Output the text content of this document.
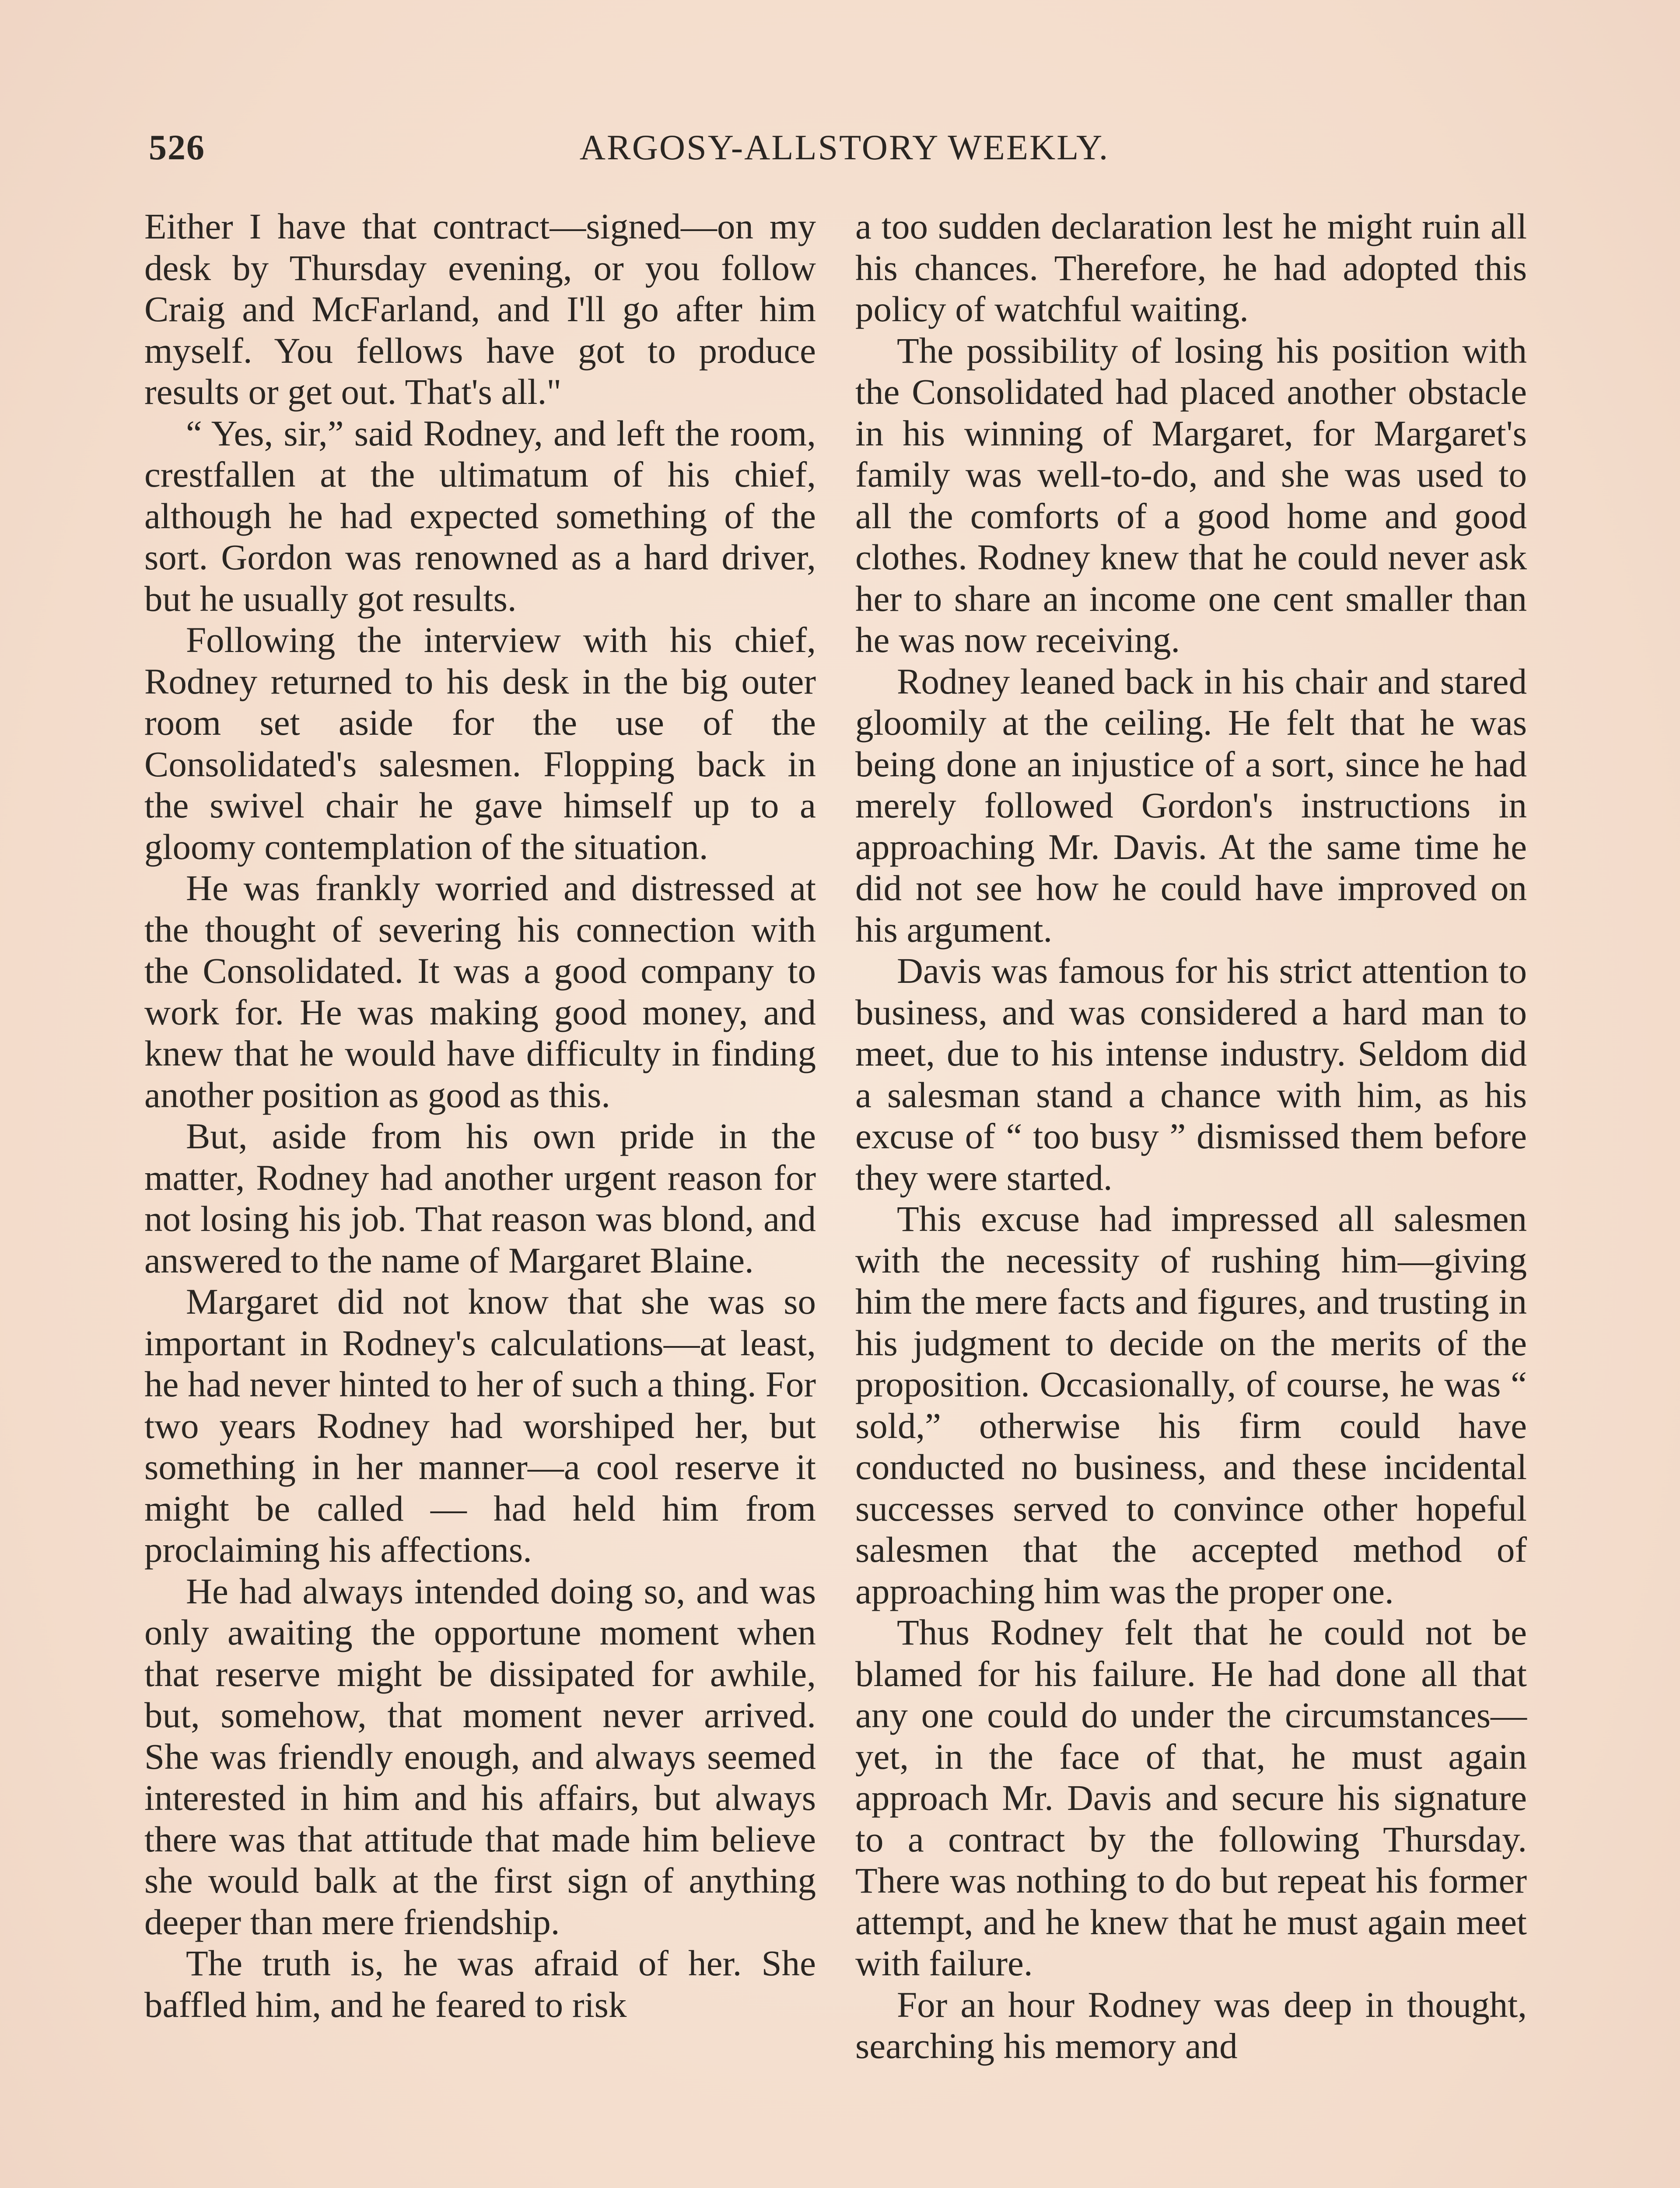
526	ARGOSY-ALLSTORY WEEKLY.

Either I have that contract—signed—on my desk by Thursday evening, or you follow Craig and McFarland, and I'll go after him myself. You fellows have got to produce results or get out. That's all."

“ Yes, sir,” said Rodney, and left the room, crestfallen at the ultimatum of his chief, although he had expected something of the sort. Gordon was renowned as a hard driver, but he usually got results.

Following the interview with his chief, Rodney returned to his desk in the big outer room set aside for the use of the Consolidated's salesmen. Flopping back in the swivel chair he gave himself up to a gloomy contemplation of the situation.

He was frankly worried and distressed at the thought of severing his connection with the Consolidated. It was a good company to work for. He was making good money, and knew that he would have difficulty in finding another position as good as this.

But, aside from his own pride in the matter, Rodney had another urgent reason for not losing his job. That reason was blond, and answered to the name of Margaret Blaine.

Margaret did not know that she was so important in Rodney's calculations—at least, he had never hinted to her of such a thing. For two years Rodney had worshiped her, but something in her manner—a cool reserve it might be called — had held him from proclaiming his affections.

He had always intended doing so, and was only awaiting the opportune moment when that reserve might be dissipated for awhile, but, somehow, that moment never arrived. She was friendly enough, and always seemed interested in him and his affairs, but always there was that attitude that made him believe she would balk at the first sign of anything deeper than mere friendship.

The truth is, he was afraid of her. She baffled him, and he feared to risk

a too sudden declaration lest he might ruin all his chances. Therefore, he had adopted this policy of watchful waiting.

The possibility of losing his position with the Consolidated had placed another obstacle in his winning of Margaret, for Margaret's family was well-to-do, and she was used to all the comforts of a good home and good clothes. Rodney knew that he could never ask her to share an income one cent smaller than he was now receiving.

Rodney leaned back in his chair and stared gloomily at the ceiling. He felt that he was being done an injustice of a sort, since he had merely followed Gordon's instructions in approaching Mr. Davis. At the same time he did not see how he could have improved on his argument.

Davis was famous for his strict attention to business, and was considered a hard man to meet, due to his intense industry. Seldom did a salesman stand a chance with him, as his excuse of “ too busy ” dismissed them before they were started.

This excuse had impressed all salesmen with the necessity of rushing him—giving him the mere facts and figures, and trusting in his judgment to decide on the merits of the proposition. Occasionally, of course, he was “ sold,” otherwise his firm could have conducted no business, and these incidental successes served to convince other hopeful salesmen that the accepted method of approaching him was the proper one.

Thus Rodney felt that he could not be blamed for his failure. He had done all that any one could do under the circumstances—yet, in the face of that, he must again approach Mr. Davis and secure his signature to a contract by the following Thursday. There was nothing to do but repeat his former attempt, and he knew that he must again meet with failure.

For an hour Rodney was deep in thought, searching his memory and
